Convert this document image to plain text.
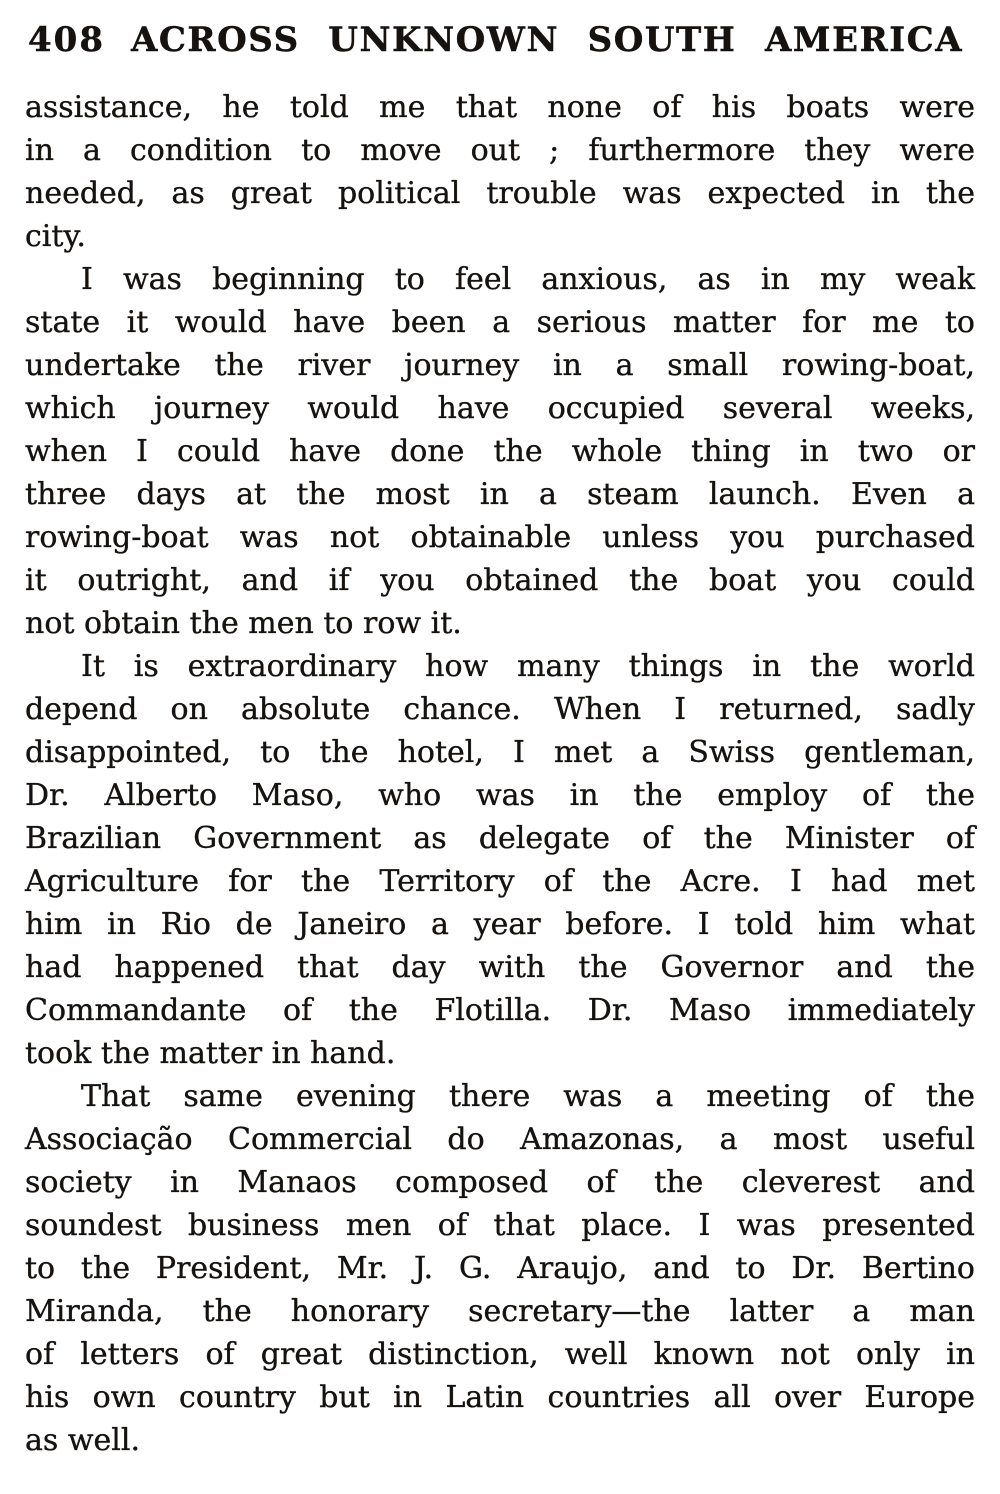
408 ACROSS UNKNOWN SOUTH AMERICA
assistance, he told me that none of his boats were
in a condition to move out ; furthermore they were
needed, as great political trouble was expected in the
city.
I was beginning to feel anxious, as in my weak
state it would have been a serious matter for me to
undertake the river journey in a small rowing-boat,
which journey would have occupied several weeks,
when I could have done the whole thing in two or
three days at the most in a steam launch. Even a
rowing-boat was not obtainable unless you purchased
it outright, and if you obtained the boat you could
not obtain the men to row it.
It is extraordinary how many things in the world
depend on absolute chance. When I returned, sadly
disappointed, to the hotel, I met a Swiss gentleman,
Dr. Alberto Maso, who was in the employ of the
Brazilian Government as delegate of the Minister of
Agriculture for the Territory of the Acre. I had met
him in Rio de Janeiro a year before. I told him what
had happened that day with the Governor and the
Commandante of the Flotilla. Dr. Maso immediately
took the matter in hand.
That same evening there was a meeting of the
Associação Commercial do Amazonas, a most useful
society in Manaos composed of the cleverest and
soundest business men of that place. I was presented
to the President, Mr. J. G. Araujo, and to Dr. Bertino
Miranda, the honorary secretary—the latter a man
of letters of great distinction, well known not only in
his own country but in Latin countries all over Europe
as well.
